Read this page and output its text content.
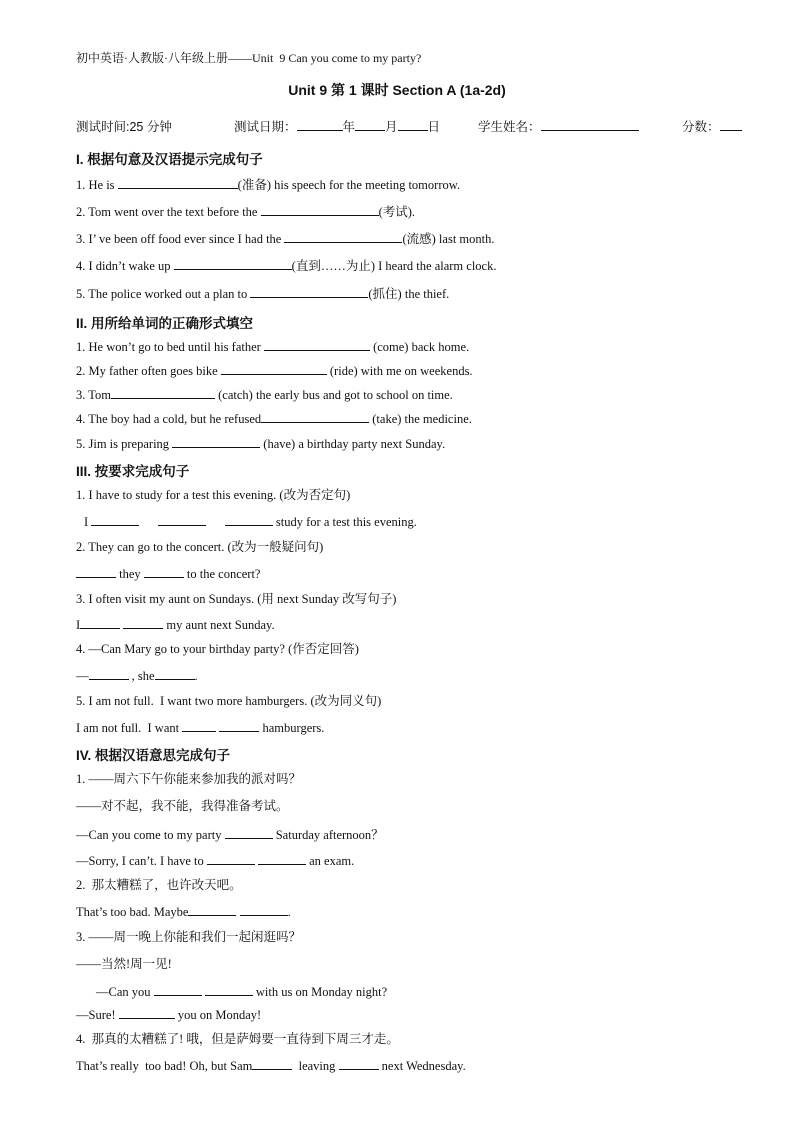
初中英语·人教版·八年级上册——Unit  9 Can you come to my party?
Unit 9 第 1 课时 Section A (1a-2d)
测试时间:25 分钟	测试日期：	年 月 日	学生姓名：	分数：
I. 根据句意及汉语提示完成句子
1. He is	(准备) his speech for the meeting tomorrow.
2. Tom went over the text before the	(考试).
3. I’ ve been off food ever since I had the	(流感) last month.
4. I didn’t wake up	(直到……为止) I heard the alarm clock.
5. The police worked out a plan to	(抓住) the thief.
II. 用所给单词的正确形式填空
1. He won’t go to bed until his father	(come) back home.
2. My father often goes bike	(ride) with me on weekends.
3. Tom	(catch) the early bus and got to school on time.
4. The boy had a cold, but he refused	(take) the medicine.
5. Jim is preparing	(have) a birthday party next Sunday.
III. 按要求完成句子
1. I have to study for a test this evening. (改为否定句)
I	study for a test this evening.
2. They can go to the concert. (改为一般疑问句)
they	to the concert?
3. I often visit my aunt on Sundays. (用 next Sunday 改写句子)
I	my aunt next Sunday.
4. —Can Mary go to your birthday party? (作否定回答)
—	, she	.
5. I am not full.  I want two more hamburgers. (改为同义句)
I am not full.  I want	hamburgers.
IV. 根据汉语意思完成句子
1. ——周六下午你能来参加我的派对吗？
——对不起，我不能，我得准备考试。
—Can you come to my party	Saturday afternoon？
—Sorry, I can’t. I have to	an exam.
2.  那太糟糕了，也许改天吧。
That’s too bad. Maybe	.
3. ——周一晚上你能和我们一起闲逛吗？
——当然!周一见!
—Can you	with us on Monday night?
—Sure!	you on Monday!
4.  那真的太糟糕了! 哦，但是萨姆要一直待到下周三才走。
That’s really  too bad! Oh, but Sam	leaving	next Wednesday.
